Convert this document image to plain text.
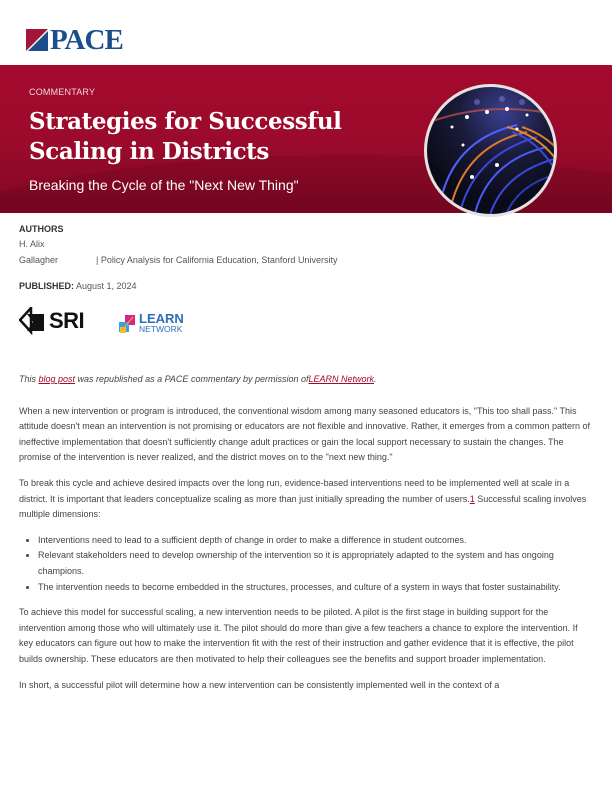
PACE
COMMENTARY
Strategies for Successful Scaling in Districts
Breaking the Cycle of the "Next New Thing"
AUTHORS
H. Alix
Gallagher	| Policy Analysis for California Education, Stanford University
PUBLISHED: August 1, 2024
SRI	LEARN
NETWORK

This blog post was republished as a PACE commentary by permission ofLEARN Network.

When a new intervention or program is introduced, the conventional wisdom among many seasoned educators is, "This too shall pass." This attitude doesn't mean an intervention is not promising or educators are not flexible and innovative. Rather, it emerges from a common pattern of ineffective implementation that doesn't sufficiently change adult practices or gain the local support necessary to sustain the changes. The promise of the intervention is never realized, and the district moves on to the "next new thing."

To break this cycle and achieve desired impacts over the long run, evidence-based interventions need to be implemented well at scale in a district. It is important that leaders conceptualize scaling as more than just initially spreading the number of users.1 Successful scaling involves multiple dimensions:

• Interventions need to lead to a sufficient depth of change in order to make a difference in student outcomes.
• Relevant stakeholders need to develop ownership of the intervention so it is appropriately adapted to the system and has ongoing champions.
• The intervention needs to become embedded in the structures, processes, and culture of a system in ways that foster sustainability.

To achieve this model for successful scaling, a new intervention needs to be piloted. A pilot is the first stage in building support for the intervention among those who will ultimately use it. The pilot should do more than give a few teachers a chance to explore the intervention. If key educators can figure out how to make the intervention fit with the rest of their instruction and gather evidence that it is effective, the pilot builds ownership. These educators are then motivated to help their colleagues see the benefits and support broader implementation.

In short, a successful pilot will determine how a new intervention can be consistently implemented well in the context of a
